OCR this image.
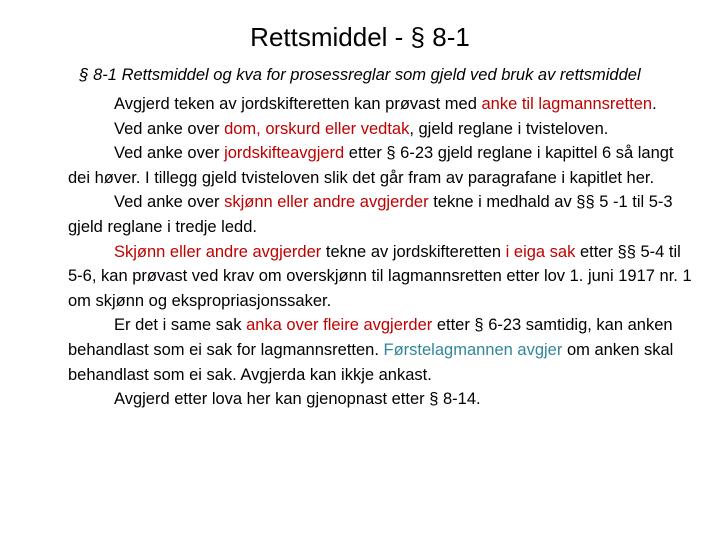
Rettsmiddel - § 8-1

§ 8-1 Rettsmiddel og kva for prosessreglar som gjeld ved bruk av rettsmiddel

Avgjerd teken av jordskifteretten kan prøvast med anke til lagmannsretten.

Ved anke over dom, orskurd eller vedtak, gjeld reglane i tvisteloven.

Ved anke over jordskifteavgjerd etter § 6-23 gjeld reglane i kapittel 6 så langt dei høver. I tillegg gjeld tvisteloven slik det går fram av paragrafane i kapitlet her.

Ved anke over skjønn eller andre avgjerder tekne i medhald av §§ 5 -1 til 5-3 gjeld reglane i tredje ledd.

Skjønn eller andre avgjerder tekne av jordskifteretten i eiga sak etter §§ 5-4 til 5-6, kan prøvast ved krav om overskjønn til lagmannsretten etter lov 1. juni 1917 nr. 1 om skjønn og ekspropriasjonssaker.

Er det i same sak anka over fleire avgjerder etter § 6-23 samtidig, kan anken behandlast som ei sak for lagmannsretten. Førstelagmannen avgjer om anken skal behandlast som ei sak. Avgjerda kan ikkje ankast.

Avgjerd etter lova her kan gjenopnast etter § 8-14.
